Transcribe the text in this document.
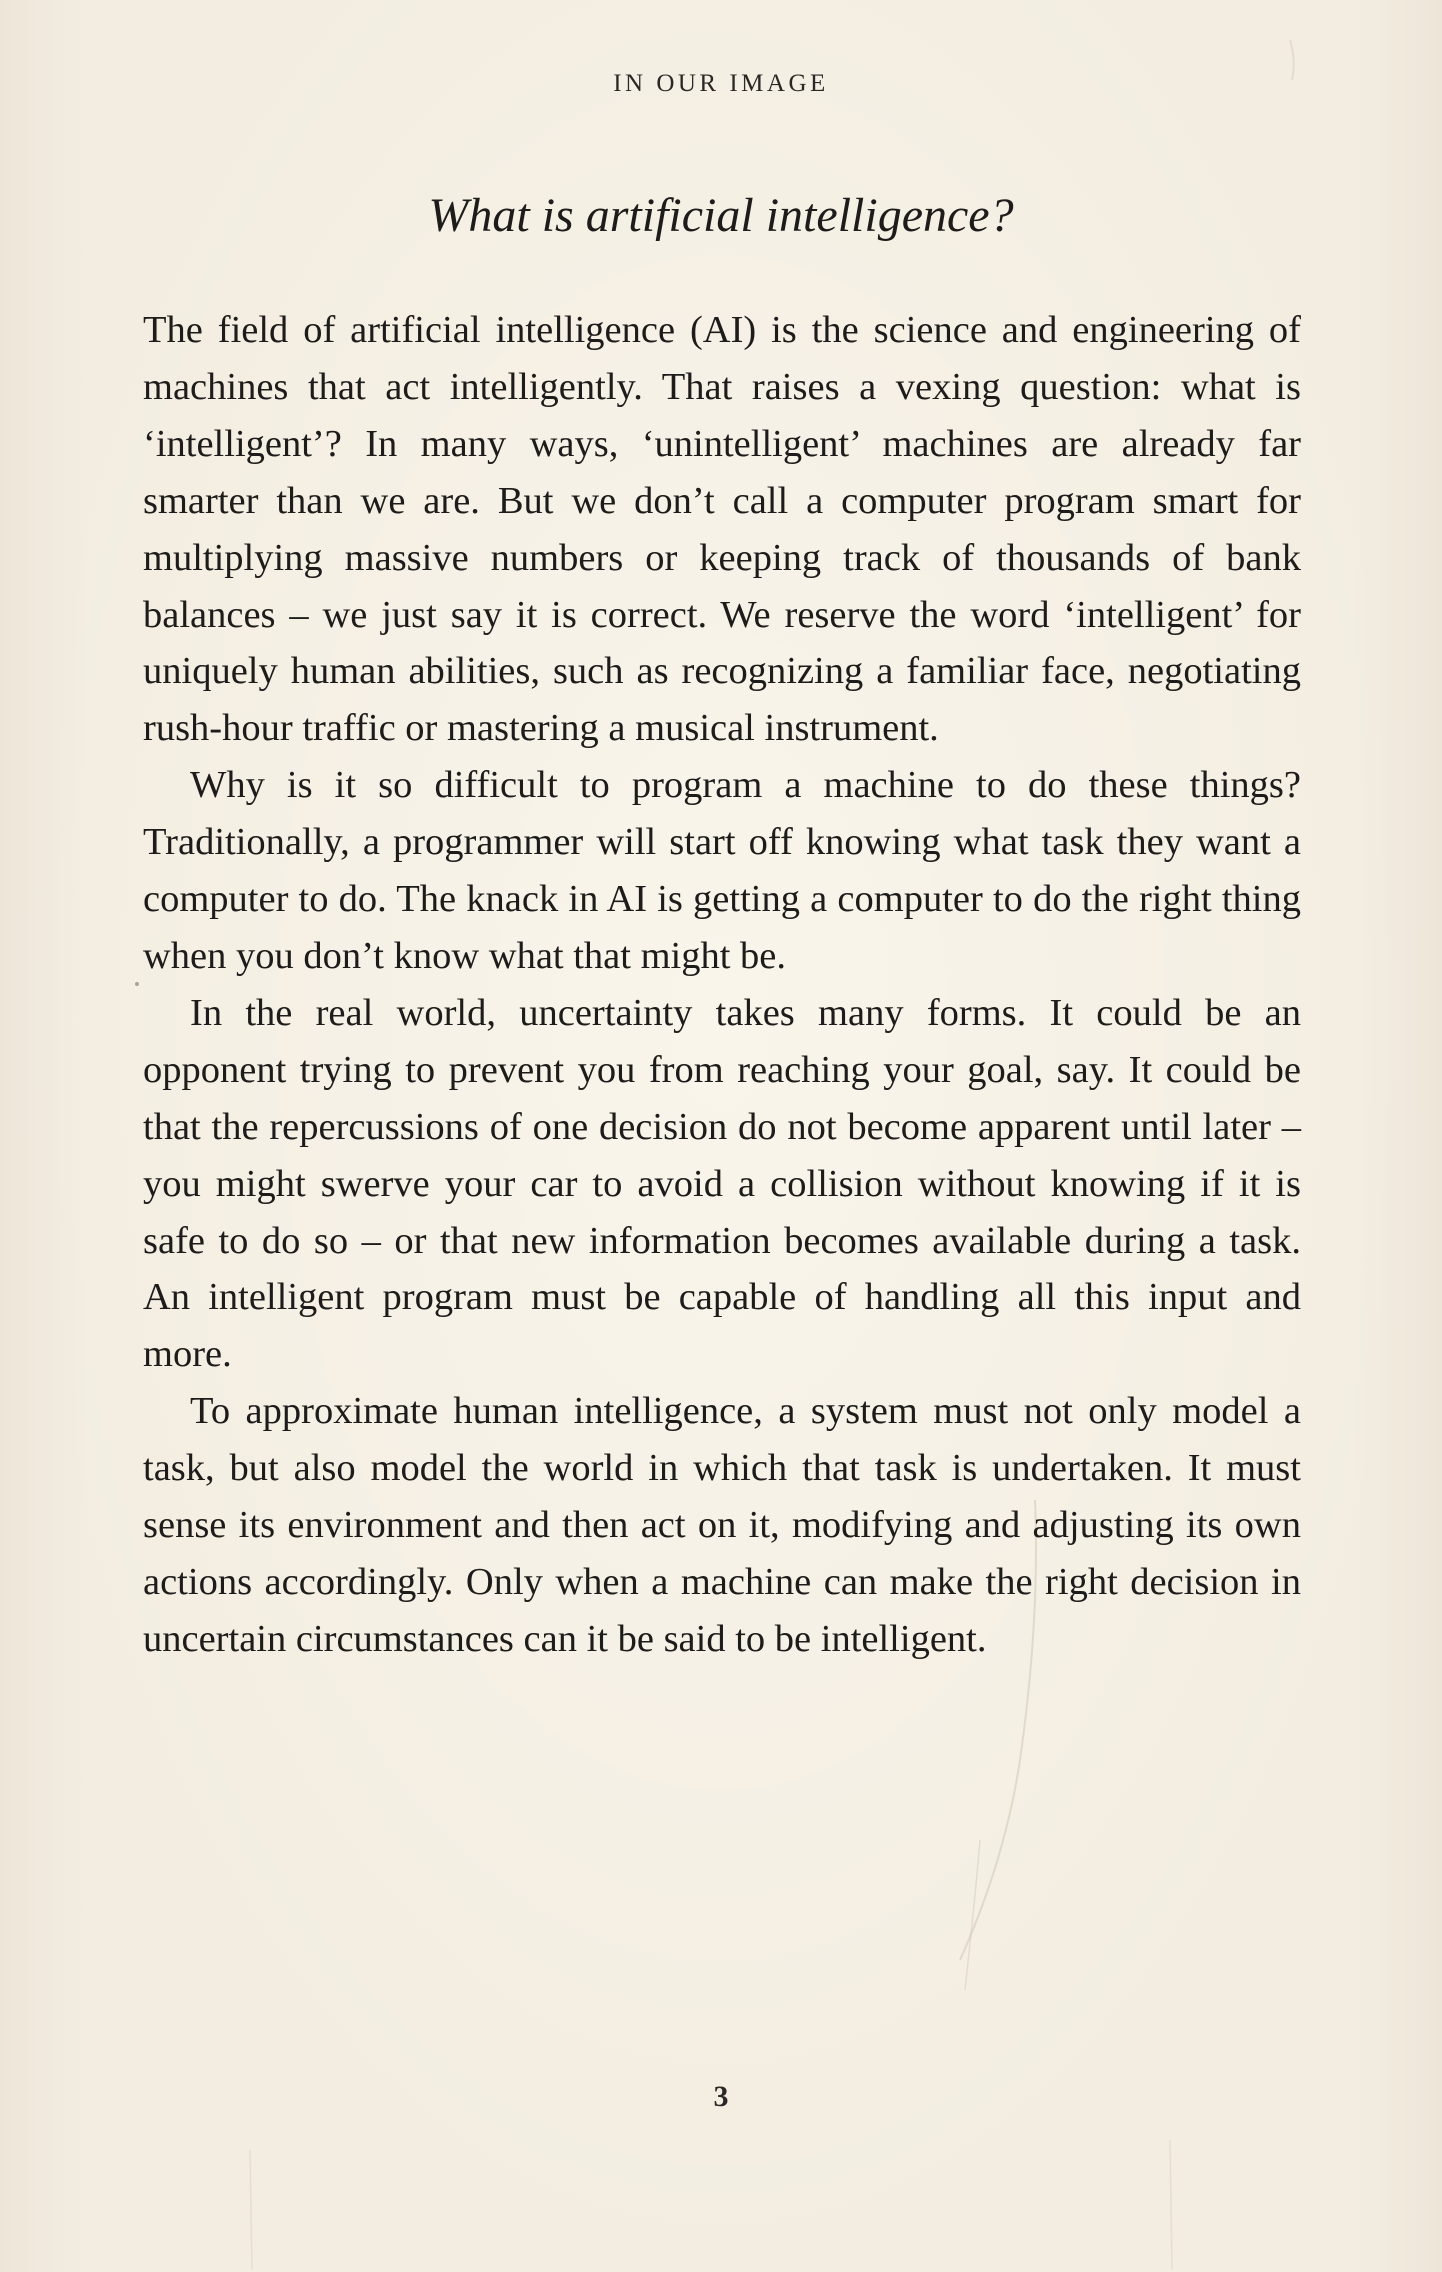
IN OUR IMAGE
What is artificial intelligence?

The field of artificial intelligence (AI) is the science and engineering of machines that act intelligently. That raises a vexing question: what is ‘intelligent’? In many ways, ‘unintelligent’ machines are already far smarter than we are. But we don’t call a computer program smart for multiplying massive numbers or keeping track of thousands of bank balances – we just say it is correct. We reserve the word ‘intelligent’ for uniquely human abilities, such as recognizing a familiar face, negotiating rush-hour traffic or mastering a musical instrument.

Why is it so difficult to program a machine to do these things? Traditionally, a programmer will start off knowing what task they want a computer to do. The knack in AI is getting a computer to do the right thing when you don’t know what that might be.

In the real world, uncertainty takes many forms. It could be an opponent trying to prevent you from reaching your goal, say. It could be that the repercussions of one decision do not become apparent until later – you might swerve your car to avoid a collision without knowing if it is safe to do so – or that new information becomes available during a task. An intelligent program must be capable of handling all this input and more.

To approximate human intelligence, a system must not only model a task, but also model the world in which that task is undertaken. It must sense its environment and then act on it, modifying and adjusting its own actions accordingly. Only when a machine can make the right decision in uncertain circumstances can it be said to be intelligent.

3
